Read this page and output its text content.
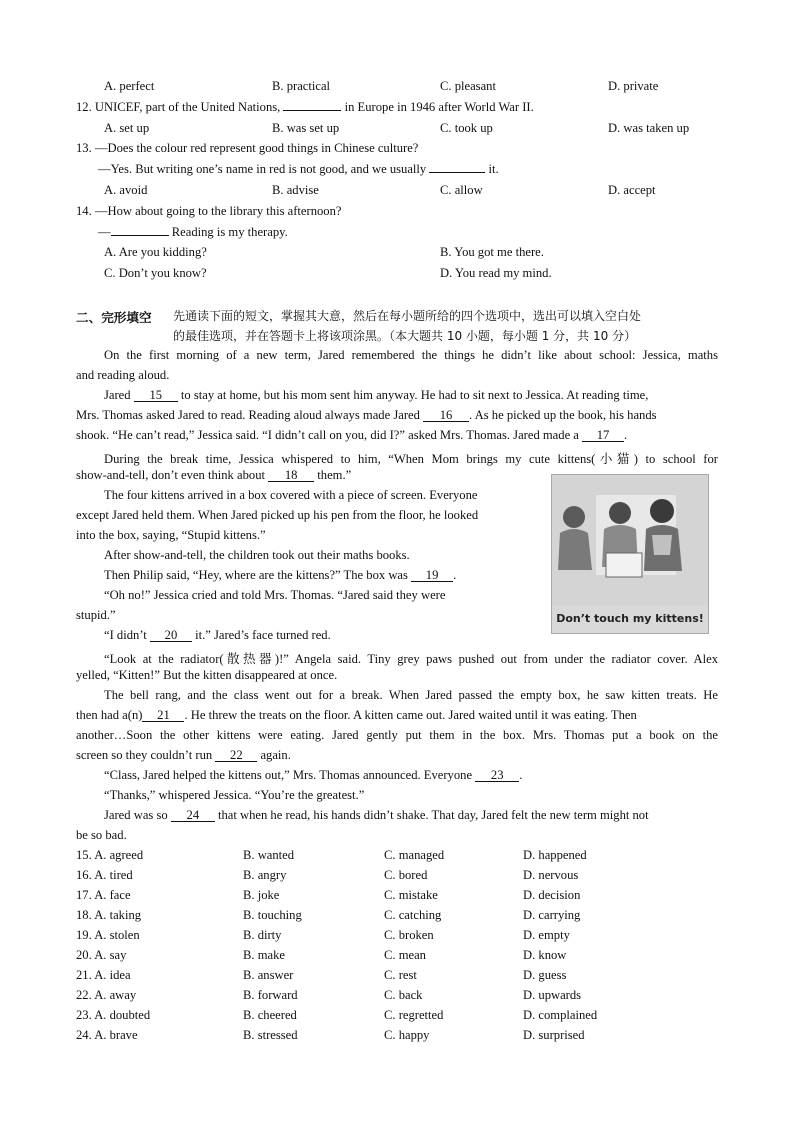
A. perfect	B. practical	C. pleasant	D. private
12. UNICEF, part of the United Nations,	in Europe in 1946 after World War II.
A. set up	B. was set up	C. took up	D. was taken up
13. —Does the colour red represent good things in Chinese culture?
—Yes. But writing one’s name in red is not good, and we usually	it.
A. avoid	B. advise	C. allow	D. accept
14. —How about going to the library this afternoon?
—	Reading is my therapy.
A. Are you kidding?	B. You got me there.
C. Don’t you know?	D. You read my mind.
二、完形填空 先通读下面的短文，掌握其大意，然后在每小题所给的四个选项中，选出可以填入空白处
的最佳选项，并在答题卡上将该项涂黑。（本大题共 10 小题，每小题 1 分，共 10 分）
On the first morning of a new term, Jared remembered the things he didn’t like about school: Jessica, maths
and reading aloud.
Jared 15 to stay at home, but his mom sent him anyway. He had to sit next to Jessica. At reading time,
Mrs. Thomas asked Jared to read. Reading aloud always made Jared 16 . As he picked up the book, his hands
shook. “He can’t read,” Jessica said. “I didn’t call on you, did I?” asked Mrs. Thomas. Jared made a 17 .
During the break time, Jessica whispered to him, “When Mom brings my cute kittens(小猫) to school for
show-and-tell, don’t even think about 18 them.”
The four kittens arrived in a box covered with a piece of screen. Everyone
except Jared held them. When Jared picked up his pen from the floor, he looked
into the box, saying, “Stupid kittens.”
After show-and-tell, the children took out their maths books.
Then Philip said, “Hey, where are the kittens?” The box was 19 .
“Oh no!” Jessica cried and told Mrs. Thomas. “Jared said they were
stupid.”
“I didn’t 20 it.” Jared’s face turned red.
Don’t touch my kittens!
“Look at the radiator(散热器)!” Angela said. Tiny grey paws pushed out from under the radiator cover. Alex
yelled, “Kitten!” But the kitten disappeared at once.
The bell rang, and the class went out for a break. When Jared passed the empty box, he saw kitten treats. He
then had a(n) 21 . He threw the treats on the floor. A kitten came out. Jared waited until it was eating. Then
another…Soon the other kittens were eating. Jared gently put them in the box. Mrs. Thomas put a book on the
screen so they couldn’t run 22 again.
“Class, Jared helped the kittens out,” Mrs. Thomas announced. Everyone 23 .
“Thanks,” whispered Jessica. “You’re the greatest.”
Jared was so 24 that when he read, his hands didn’t shake. That day, Jared felt the new term might not
be so bad.
15. A. agreed	B. wanted	C. managed	D. happened
16. A. tired	B. angry	C. bored	D. nervous
17. A. face	B. joke	C. mistake	D. decision
18. A. taking	B. touching	C. catching	D. carrying
19. A. stolen	B. dirty	C. broken	D. empty
20. A. say	B. make	C. mean	D. know
21. A. idea	B. answer	C. rest	D. guess
22. A. away	B. forward	C. back	D. upwards
23. A. doubted	B. cheered	C. regretted	D. complained
24. A. brave	B. stressed	C. happy	D. surprised
